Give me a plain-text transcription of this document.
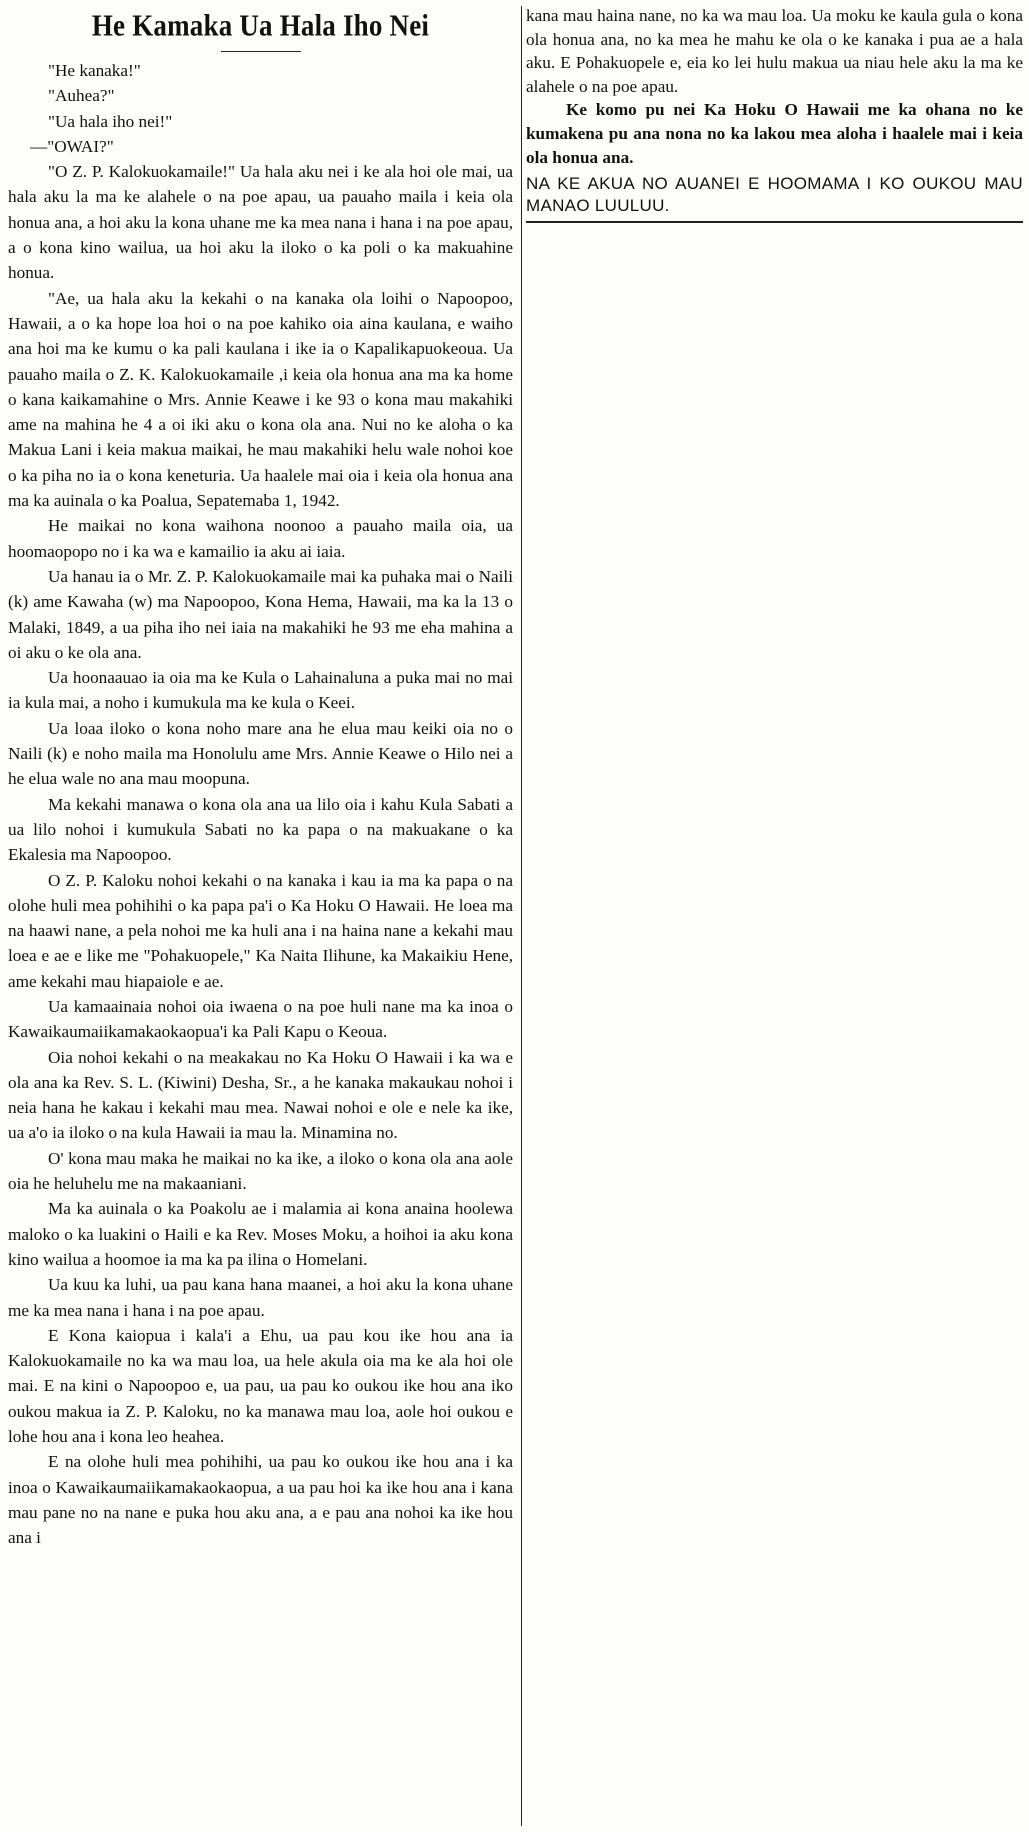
He Kamaka Ua Hala Iho Nei

"He kanaka!"

"Auhea?"

"Ua hala iho nei!"

—"OWAI?"

"O Z. P. Kalokuokamaile!" Ua hala aku nei i ke ala hoi ole mai, ua hala aku la ma ke alahele o na poe apau, ua pauaho maila i keia ola honua ana, a hoi aku la kona uhane me ka mea nana i hana i na poe apau, a o kona kino wailua, ua hoi aku la iloko o ka poli o ka makuahine honua.

"Ae, ua hala aku la kekahi o na kanaka ola loihi o Napoopoo, Hawaii, a o ka hope loa hoi o na poe kahiko oia aina kaulana, e waiho ana hoi ma ke kumu o ka pali kaulana i ike ia o Kapalikapuokeoua. Ua pauaho maila o Z. K. Kalokuokamaile ,i keia ola honua ana ma ka home o kana kaikamahine o Mrs. Annie Keawe i ke 93 o kona mau makahiki ame na mahina he 4 a oi iki aku o kona ola ana. Nui no ke aloha o ka Makua Lani i keia makua maikai, he mau makahiki helu wale nohoi koe o ka piha no ia o kona keneturia. Ua haalele mai oia i keia ola honua ana ma ka auinala o ka Poalua, Sepatemaba 1, 1942.

He maikai no kona waihona noonoo a pauaho maila oia, ua hoomaopopo no i ka wa e kamailio ia aku ai iaia.

Ua hanau ia o Mr. Z. P. Kalokuokamaile mai ka puhaka mai o Naili (k) ame Kawaha (w) ma Napoopoo, Kona Hema, Hawaii, ma ka la 13 o Malaki, 1849, a ua piha iho nei iaia na makahiki he 93 me eha mahina a oi aku o ke ola ana.

Ua hoonaauao ia oia ma ke Kula o Lahainaluna a puka mai no mai ia kula mai, a noho i kumukula ma ke kula o Keei.

Ua loaa iloko o kona noho mare ana he elua mau keiki oia no o Naili (k) e noho maila ma Honolulu ame Mrs. Annie Keawe o Hilo nei a he elua wale no ana mau moopuna.

Ma kekahi manawa o kona ola ana ua lilo oia i kahu Kula Sabati a ua lilo nohoi i kumukula Sabati no ka papa o na makuakane o ka Ekalesia ma Napoopoo.

O Z. P. Kaloku nohoi kekahi o na kanaka i kau ia ma ka papa o na olohe huli mea pohihihi o ka papa pa'i o Ka Hoku O Hawaii. He loea ma na haawi nane, a pela nohoi me ka huli ana i na haina nane a kekahi mau loea e ae e like me "Pohakuopele," Ka Naita Ilihune, ka Makaikiu Hene, ame kekahi mau hiapaiole e ae.

Ua kamaainaia nohoi oia iwaena o na poe huli nane ma ka inoa o Kawaikaumaiikamakaokaopua'i ka Pali Kapu o Keoua.

Oia nohoi kekahi o na meakakau no Ka Hoku O Hawaii i ka wa e ola ana ka Rev. S. L. (Kiwini) Desha, Sr., a he kanaka makaukau nohoi i neia hana he kakau i kekahi mau mea. Nawai nohoi e ole e nele ka ike, ua a'o ia iloko o na kula Hawaii ia mau la. Minamina no.

O' kona mau maka he maikai no ka ike, a iloko o kona ola ana aole oia he heluhelu me na makaaniani.

Ma ka auinala o ka Poakolu ae i malamia ai kona anaina hoolewa maloko o ka luakini o Haili e ka Rev. Moses Moku, a hoihoi ia aku kona kino wailua a hoomoe ia ma ka pa ilina o Homelani.

Ua kuu ka luhi, ua pau kana hana maanei, a hoi aku la kona uhane me ka mea nana i hana i na poe apau.

E Kona kaiopua i kala'i a Ehu, ua pau kou ike hou ana ia Kalokuokamaile no ka wa mau loa, ua hele akula oia ma ke ala hoi ole mai. E na kini o Napoopoo e, ua pau, ua pau ko oukou ike hou ana iko oukou makua ia Z. P. Kaloku, no ka manawa mau loa, aole hoi oukou e lohe hou ana i kona leo heahea.

E na olohe huli mea pohihihi, ua pau ko oukou ike hou ana i ka inoa o Kawaikaumaiikamakaokaopua, a ua pau hoi ka ike hou ana i kana mau pane no na nane e puka hou aku ana, a e pau ana nohoi ka ike hou ana i

kana mau haina nane, no ka wa mau loa. Ua moku ke kaula gula o kona ola honua ana, no ka mea he mahu ke ola o ke kanaka i pua ae a hala aku. E Pohakuopele e, eia ko lei hulu makua ua niau hele aku la ma ke alahele o na poe apau.

Ke komo pu nei Ka Hoku O Hawaii me ka ohana no ke kumakena pu ana nona no ka lakou mea aloha i haalele mai i keia ola honua ana.

NA KE AKUA NO AUANEI E HOOMAMA I KO OUKOU MAU MANAO LUULUU.
